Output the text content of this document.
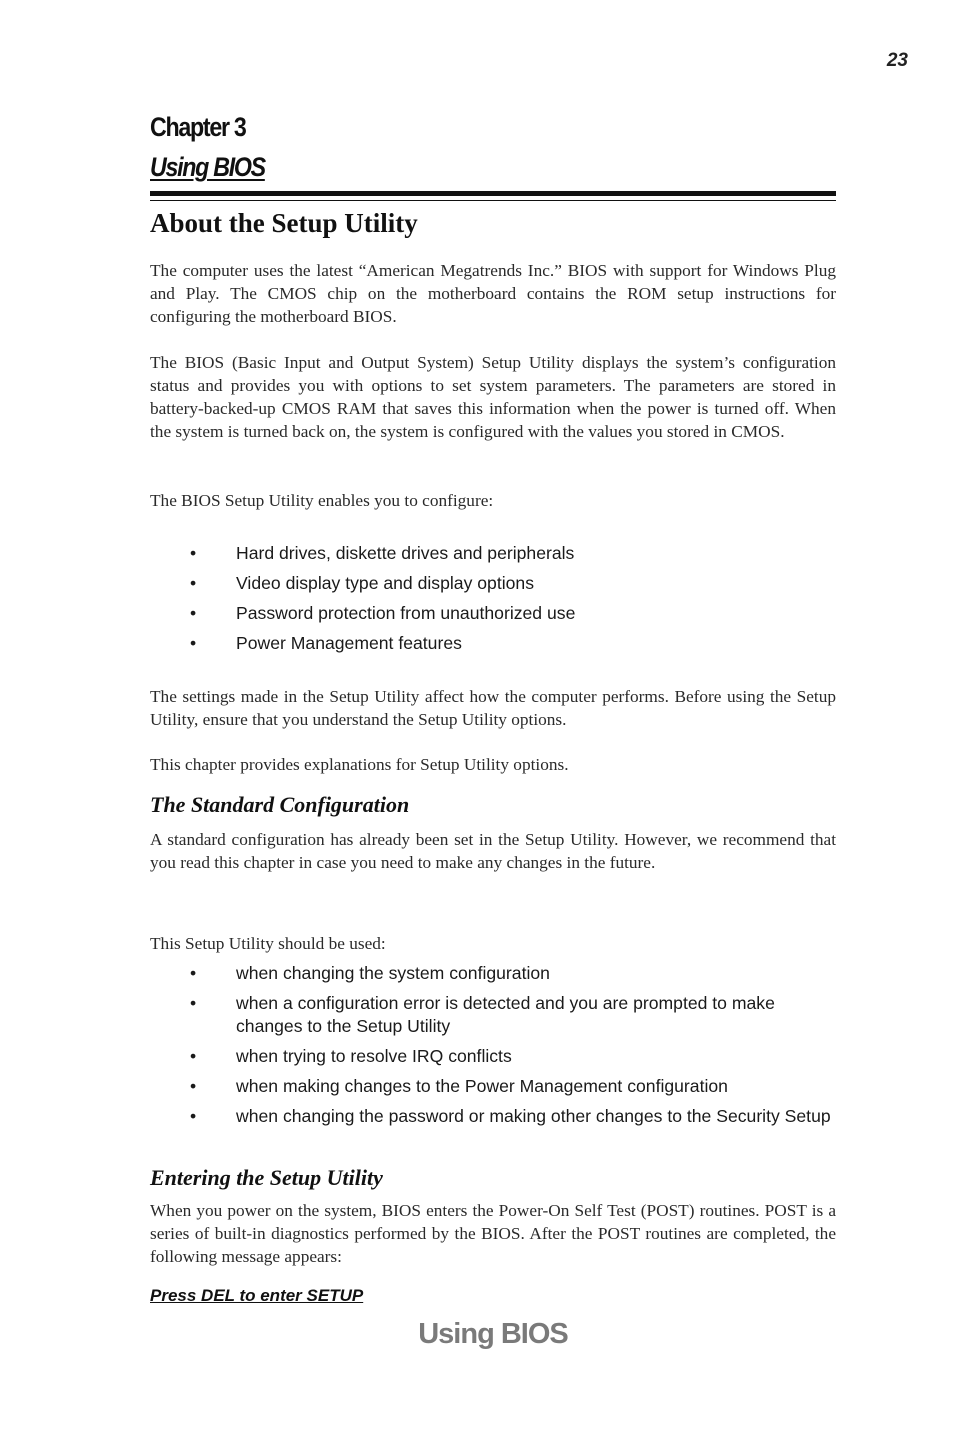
23
Chapter 3
Using BIOS
About the Setup Utility
The computer uses the latest “American Megatrends Inc.” BIOS with support for Windows Plug and Play. The CMOS chip on the motherboard contains the ROM setup instructions for configuring the motherboard BIOS.
The BIOS (Basic Input and Output System) Setup Utility displays the system’s configuration status and provides you with options to set system parameters. The parameters are stored in battery-backed-up CMOS RAM that saves this information when the power is turned off. When the system is turned back on, the system is configured with the values you stored in CMOS.
The BIOS Setup Utility enables you to configure:
• Hard drives, diskette drives and peripherals
• Video display type and display options
• Password protection from unauthorized use
• Power Management features
The settings made in the Setup Utility affect how the computer performs. Before using the Setup Utility, ensure that you understand the Setup Utility options.
This chapter provides explanations for Setup Utility options.
The Standard Configuration
A standard configuration has already been set in the Setup Utility. However, we recommend that you read this chapter in case you need to make any changes in the future.
This Setup Utility should be used:
• when changing the system configuration
• when a configuration error is detected and you are prompted to make changes to the Setup Utility
• when trying to resolve IRQ conflicts
• when making changes to the Power Management configuration
• when changing the password or making other changes to the Security Setup
Entering the Setup Utility
When you power on the system, BIOS enters the Power-On Self Test (POST) routines. POST is a series of built-in diagnostics performed by the BIOS. After the POST routines are completed, the following message appears:
Press DEL to enter SETUP
Using BIOS
